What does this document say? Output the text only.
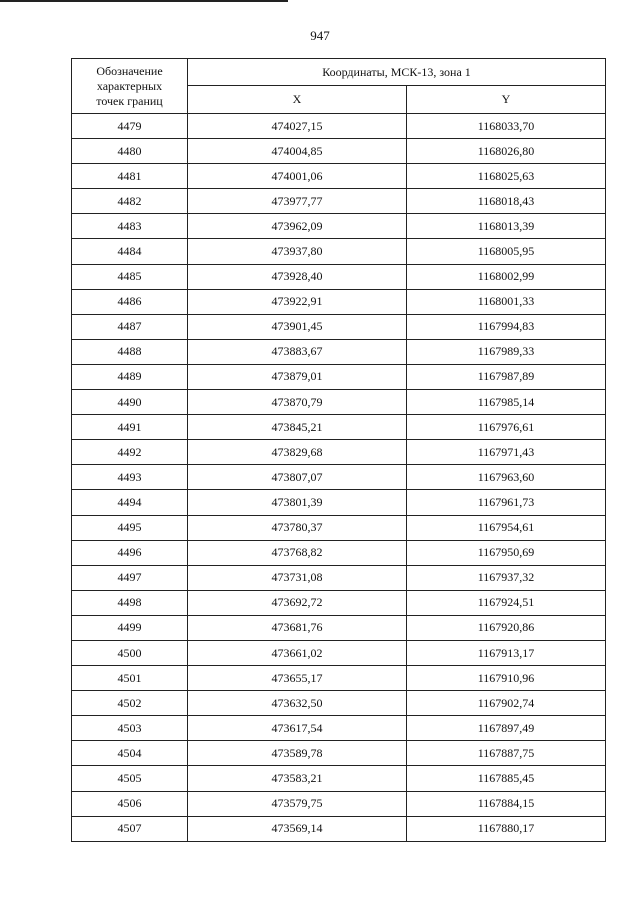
947
Обозначение
характерных
точек границ	Координаты, МСК-13, зона 1	
	X	Y
4479	474027,15	1168033,70
4480	474004,85	1168026,80
4481	474001,06	1168025,63
4482	473977,77	1168018,43
4483	473962,09	1168013,39
4484	473937,80	1168005,95
4485	473928,40	1168002,99
4486	473922,91	1168001,33
4487	473901,45	1167994,83
4488	473883,67	1167989,33
4489	473879,01	1167987,89
4490	473870,79	1167985,14
4491	473845,21	1167976,61
4492	473829,68	1167971,43
4493	473807,07	1167963,60
4494	473801,39	1167961,73
4495	473780,37	1167954,61
4496	473768,82	1167950,69
4497	473731,08	1167937,32
4498	473692,72	1167924,51
4499	473681,76	1167920,86
4500	473661,02	1167913,17
4501	473655,17	1167910,96
4502	473632,50	1167902,74
4503	473617,54	1167897,49
4504	473589,78	1167887,75
4505	473583,21	1167885,45
4506	473579,75	1167884,15
4507	473569,14	1167880,17
